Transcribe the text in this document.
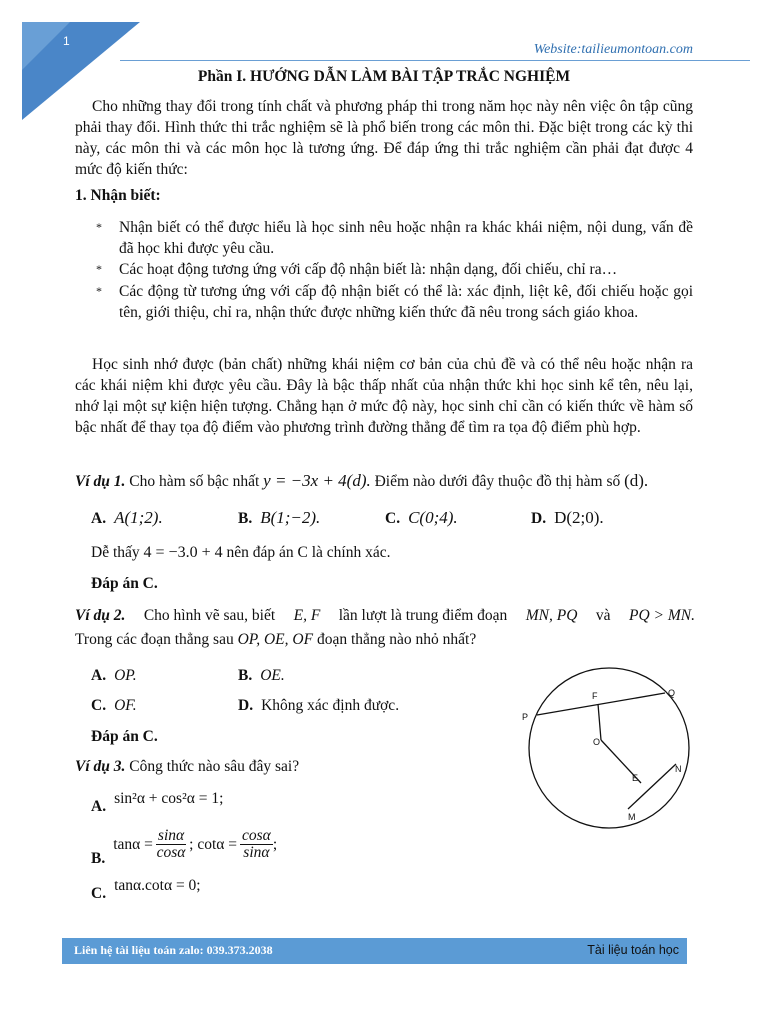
1
Website:tailieumontoan.com
Phần I. HƯỚNG DẪN LÀM BÀI TẬP TRẮC NGHIỆM

Cho những thay đổi trong tính chất và phương pháp thi trong năm học này nên việc ôn tập cũng phải thay đổi. Hình thức thi trắc nghiệm sẽ là phổ biến trong các môn thi. Đặc biệt trong các kỳ thi này, các môn thi và các môn học là tương ứng. Để đáp ứng thi trắc nghiệm cần phải đạt được 4 mức độ kiến thức:

1. Nhận biết:
* Nhận biết có thể được hiểu là học sinh nêu hoặc nhận ra khác khái niệm, nội dung, vấn đề đã học khi được yêu cầu.
* Các hoạt động tương ứng với cấp độ nhận biết là: nhận dạng, đối chiếu, chỉ ra…
* Các động từ tương ứng với cấp độ nhận biết có thể là: xác định, liệt kê, đối chiếu hoặc gọi tên, giới thiệu, chỉ ra, nhận thức được những kiến thức đã nêu trong sách giáo khoa.

Học sinh nhớ được (bản chất) những khái niệm cơ bản của chủ đề và có thể nêu hoặc nhận ra các khái niệm khi được yêu cầu. Đây là bậc thấp nhất của nhận thức khi học sinh kể tên, nêu lại, nhớ lại một sự kiện hiện tượng. Chẳng hạn ở mức độ này, học sinh chỉ cần có kiến thức về hàm số bậc nhất để thay tọa độ điểm vào phương trình đường thẳng để tìm ra tọa độ điểm phù hợp.

Ví dụ 1. Cho hàm số bậc nhất y = −3x + 4(d). Điểm nào dưới đây thuộc đồ thị hàm số (d).
A. A(1;2).	B. B(1;−2).	C. C(0;4).	D. D(2;0).
Dễ thấy 4 = −3.0 + 4 nên đáp án C là chính xác.
Đáp án C.
Ví dụ 2. Cho hình vẽ sau, biết E, F lần lượt là trung điểm đoạn MN, PQ và PQ > MN.
Trong các đoạn thẳng sau OP, OE, OF đoạn thẳng nào nhỏ nhất?
A. OP.	B. OE.
C. OF.	D. Không xác định được.
Đáp án C.
P
F	Q
O
E
N
M
Ví dụ 3. Công thức nào sâu đây sai?
A. sin²α + cos²α = 1;
B.
$\tan\alpha = \frac{\sin\alpha}{\cos\alpha}$ ; $\cot\alpha = \frac{\cos\alpha}{\sin\alpha}$ ;
C. tanα.cotα = 0;
Liên hệ tài liệu toán zalo: 039.373.2038	Tài liệu toán học
